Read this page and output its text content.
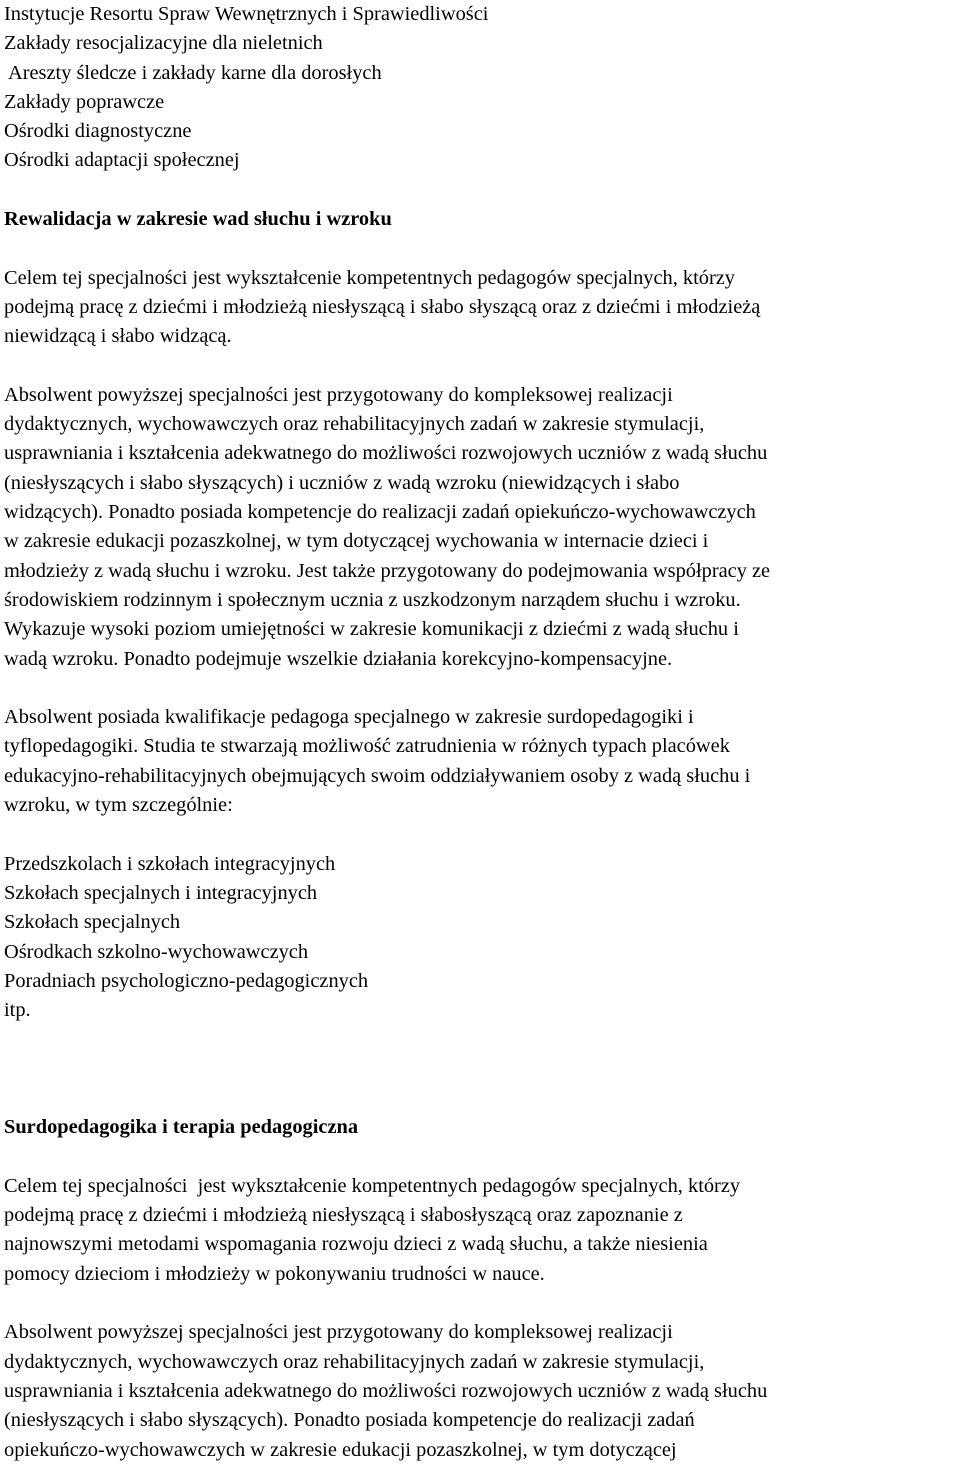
Instytucje Resortu Spraw Wewnętrznych i Sprawiedliwości
Zakłady resocjalizacyjne dla nieletnich
Areszty śledcze i zakłady karne dla dorosłych
Zakłady poprawcze
Ośrodki diagnostyczne
Ośrodki adaptacji społecznej
Rewalidacja w zakresie wad słuchu i wzroku
Celem tej specjalności jest wykształcenie kompetentnych pedagogów specjalnych, którzy
podejmą pracę z dziećmi i młodzieżą niesłyszącą i słabo słyszącą oraz z dziećmi i młodzieżą
niewidzącą i słabo widzącą.
Absolwent powyższej specjalności jest przygotowany do kompleksowej realizacji
dydaktycznych, wychowawczych oraz rehabilitacyjnych zadań w zakresie stymulacji,
usprawniania i kształcenia adekwatnego do możliwości rozwojowych uczniów z wadą słuchu
(niesłyszących i słabo słyszących) i uczniów z wadą wzroku (niewidzących i słabo
widzących). Ponadto posiada kompetencje do realizacji zadań opiekuńczo-wychowawczych
w zakresie edukacji pozaszkolnej, w tym dotyczącej wychowania w internacie dzieci i
młodzieży z wadą słuchu i wzroku. Jest także przygotowany do podejmowania współpracy ze
środowiskiem rodzinnym i społecznym ucznia z uszkodzonym narządem słuchu i wzroku.
Wykazuje wysoki poziom umiejętności w zakresie komunikacji z dziećmi z wadą słuchu i
wadą wzroku. Ponadto podejmuje wszelkie działania korekcyjno-kompensacyjne.
Absolwent posiada kwalifikacje pedagoga specjalnego w zakresie surdopedagogiki i
tyflopedagogiki. Studia te stwarzają możliwość zatrudnienia w różnych typach placówek
edukacyjno-rehabilitacyjnych obejmujących swoim oddziaływaniem osoby z wadą słuchu i
wzroku, w tym szczególnie:
Przedszkolach i szkołach integracyjnych
Szkołach specjalnych i integracyjnych
Szkołach specjalnych
Ośrodkach szkolno-wychowawczych
Poradniach psychologiczno-pedagogicznych
itp.
Surdopedagogika i terapia pedagogiczna
Celem tej specjalności  jest wykształcenie kompetentnych pedagogów specjalnych, którzy
podejmą pracę z dziećmi i młodzieżą niesłyszącą i słabosłyszącą oraz zapoznanie z
najnowszymi metodami wspomagania rozwoju dzieci z wadą słuchu, a także niesienia
pomocy dzieciom i młodzieży w pokonywaniu trudności w nauce.
Absolwent powyższej specjalności jest przygotowany do kompleksowej realizacji
dydaktycznych, wychowawczych oraz rehabilitacyjnych zadań w zakresie stymulacji,
usprawniania i kształcenia adekwatnego do możliwości rozwojowych uczniów z wadą słuchu
(niesłyszących i słabo słyszących). Ponadto posiada kompetencje do realizacji zadań
opiekuńczo-wychowawczych w zakresie edukacji pozaszkolnej, w tym dotyczącej
